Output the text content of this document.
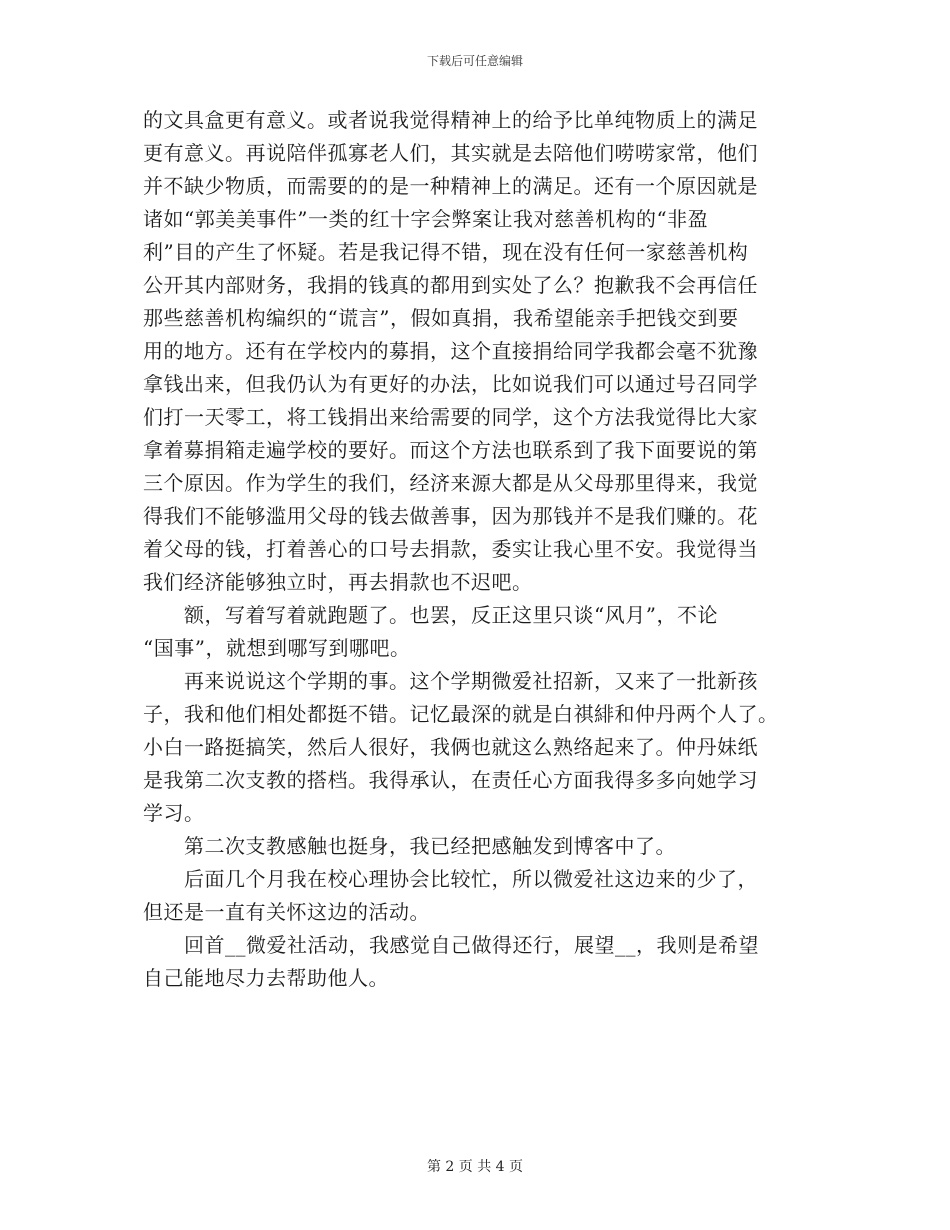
下载后可任意编辑
的文具盒更有意义。或者说我觉得精神上的给予比单纯物质上的满足
更有意义。再说陪伴孤寡老人们，其实就是去陪他们唠唠家常，他们
并不缺少物质，而需要的的是一种精神上的满足。还有一个原因就是
诸如“郭美美事件”一类的红十字会弊案让我对慈善机构的“非盈
利”目的产生了怀疑。若是我记得不错，现在没有任何一家慈善机构
公开其内部财务，我捐的钱真的都用到实处了么？抱歉我不会再信任
那些慈善机构编织的“谎言”，假如真捐，我希望能亲手把钱交到要
用的地方。还有在学校内的募捐，这个直接捐给同学我都会毫不犹豫
拿钱出来，但我仍认为有更好的办法，比如说我们可以通过号召同学
们打一天零工，将工钱捐出来给需要的同学，这个方法我觉得比大家
拿着募捐箱走遍学校的要好。而这个方法也联系到了我下面要说的第
三个原因。作为学生的我们，经济来源大都是从父母那里得来，我觉
得我们不能够滥用父母的钱去做善事，因为那钱并不是我们赚的。花
着父母的钱，打着善心的口号去捐款，委实让我心里不安。我觉得当
我们经济能够独立时，再去捐款也不迟吧。
　　额，写着写着就跑题了。也罢，反正这里只谈“风月”，不论
“国事”，就想到哪写到哪吧。
　　再来说说这个学期的事。这个学期微爱社招新，又来了一批新孩
子，我和他们相处都挺不错。记忆最深的就是白祺緋和仲丹两个人了。
小白一路挺搞笑，然后人很好，我俩也就这么熟络起来了。仲丹妹纸
是我第二次支教的搭档。我得承认，在责任心方面我得多多向她学习
学习。
　　第二次支教感触也挺身，我已经把感触发到博客中了。
　　后面几个月我在校心理协会比较忙，所以微爱社这边来的少了，
但还是一直有关怀这边的活动。
　　回首__微爱社活动，我感觉自己做得还行，展望__，我则是希望
自己能地尽力去帮助他人。
第 2 页 共 4 页
